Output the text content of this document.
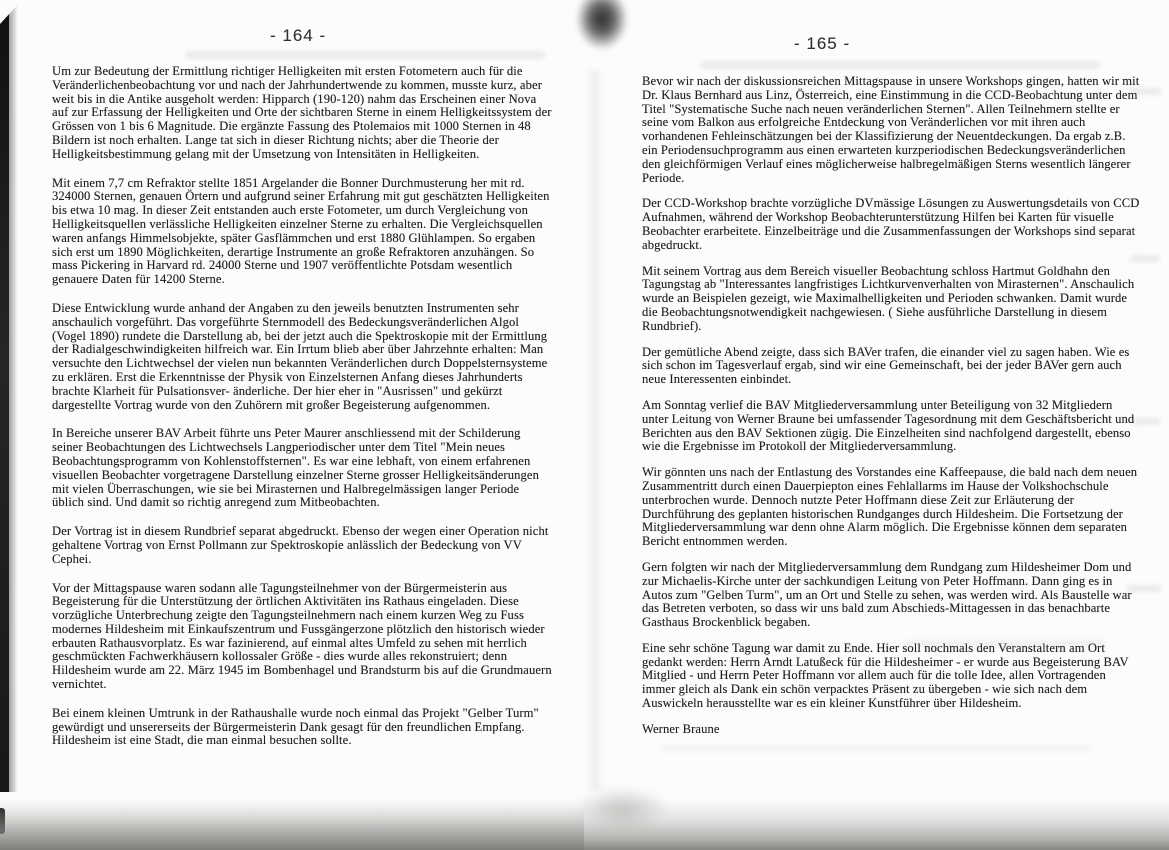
- 164 -

Um zur Bedeutung der Ermittlung richtiger Helligkeiten mit ersten Fotometern auch für die Veränderlichenbeobachtung vor und nach der Jahrhundertwende zu kommen, musste kurz, aber weit bis in die Antike ausgeholt werden: Hipparch (190-120) nahm das Erscheinen einer Nova auf zur Erfassung der Helligkeiten und Orte der sichtbaren Sterne in einem Helligkeitssystem der Grössen von 1 bis 6 Magnitude. Die ergänzte Fassung des Ptolemaios mit 1000 Sternen in 48 Bildern ist noch erhalten. Lange tat sich in dieser Richtung nichts; aber die Theorie der Helligkeitsbestimmung gelang mit der Umsetzung von Intensitäten in Helligkeiten.

Mit einem 7,7 cm Refraktor stellte 1851 Argelander die Bonner Durchmusterung her mit rd. 324000 Sternen, genauen Örtern und aufgrund seiner Erfahrung mit gut geschätzten Helligkeiten bis etwa 10 mag. In dieser Zeit entstanden auch erste Fotometer, um durch Vergleichung von Helligkeitsquellen verlässliche Helligkeiten einzelner Sterne zu erhalten. Die Vergleichsquellen waren anfangs Himmelsobjekte, später Gasflämmchen und erst 1880 Glühlampen. So ergaben sich erst um 1890 Möglichkeiten, derartige Instrumente an große Refraktoren anzuhängen. So mass Pickering in Harvard rd. 24000 Sterne und 1907 veröffentlichte Potsdam wesentlich genauere Daten für 14200 Sterne.

Diese Entwicklung wurde anhand der Angaben zu den jeweils benutzten Instrumenten sehr anschaulich vorgeführt. Das vorgeführte Sternmodell des Bedeckungsveränderlichen Algol (Vogel 1890) rundete die Darstellung ab, bei der jetzt auch die Spektroskopie mit der Ermittlung der Radialgeschwindigkeiten hilfreich war. Ein Irrtum blieb aber über Jahrzehnte erhalten: Man versuchte den Lichtwechsel der vielen nun bekannten Veränderlichen durch Doppelsternsysteme zu erklären. Erst die Erkenntnisse der Physik von Einzelsternen Anfang dieses Jahrhunderts brachte Klarheit für Pulsationsver- änderliche. Der hier eher in "Ausrissen" und gekürzt dargestellte Vortrag wurde von den Zuhörern mit großer Begeisterung aufgenommen.

In Bereiche unserer BAV Arbeit führte uns Peter Maurer anschliessend mit der Schilderung seiner Beobachtungen des Lichtwechsels Langperiodischer unter dem Titel "Mein neues Beobachtungsprogramm von Kohlenstoffsternen". Es war eine lebhaft, von einem erfahrenen visuellen Beobachter vorgetragene Darstellung einzelner Sterne grosser Helligkeitsänderungen mit vielen Überraschungen, wie sie bei Mirasternen und Halbregelmässigen langer Periode üblich sind. Und damit so richtig anregend zum Mitbeobachten.

Der Vortrag ist in diesem Rundbrief separat abgedruckt. Ebenso der wegen einer Operation nicht gehaltene Vortrag von Ernst Pollmann zur Spektroskopie anlässlich der Bedeckung von VV Cephei.

Vor der Mittagspause waren sodann alle Tagungsteilnehmer von der Bürgermeisterin aus Begeisterung für die Unterstützung der örtlichen Aktivitäten ins Rathaus eingeladen. Diese vorzügliche Unterbrechung zeigte den Tagungsteilnehmern nach einem kurzen Weg zu Fuss modernes Hildesheim mit Einkaufszentrum und Fussgängerzone plötzlich den historisch wieder erbauten Rathausvorplatz. Es war fazinierend, auf einmal altes Umfeld zu sehen mit herrlich geschmückten Fachwerkhäusern kollossaler Größe - dies wurde alles rekonstruiert; denn Hildesheim wurde am 22. März 1945 im Bombenhagel und Brandsturm bis auf die Grundmauern vernichtet.

Bei einem kleinen Umtrunk in der Rathaushalle wurde noch einmal das Projekt "Gelber Turm" gewürdigt und unsererseits der Bürgermeisterin Dank gesagt für den freundlichen Empfang. Hildesheim ist eine Stadt, die man einmal besuchen sollte.

- 165 -

Bevor wir nach der diskussionsreichen Mittagspause in unsere Workshops gingen, hatten wir mit Dr. Klaus Bernhard aus Linz, Österreich, eine Einstimmung in die CCD-Beobachtung unter dem Titel "Systematische Suche nach neuen veränderlichen Sternen". Allen Teilnehmern stellte er seine vom Balkon aus erfolgreiche Entdeckung von Veränderlichen vor mit ihren auch vorhandenen Fehleinschätzungen bei der Klassifizierung der Neuentdeckungen. Da ergab z.B. ein Periodensuchprogramm aus einen erwarteten kurzperiodischen Bedeckungsveränderlichen den gleichförmigen Verlauf eines möglicherweise halbregelmäßigen Sterns wesentlich längerer Periode.

Der CCD-Workshop brachte vorzügliche DVmässige Lösungen zu Auswertungsdetails von CCD Aufnahmen, während der Workshop Beobachterunterstützung Hilfen bei Karten für visuelle Beobachter erarbeitete. Einzelbeiträge und die Zusammenfassungen der Workshops sind separat abgedruckt.

Mit seinem Vortrag aus dem Bereich visueller Beobachtung schloss Hartmut Goldhahn den Tagungstag ab "Interessantes langfristiges Lichtkurvenverhalten von Mirasternen". Anschaulich wurde an Beispielen gezeigt, wie Maximalhelligkeiten und Perioden schwanken. Damit wurde die Beobachtungsnotwendigkeit nachgewiesen. ( Siehe ausführliche Darstellung in diesem Rundbrief).

Der gemütliche Abend zeigte, dass sich BAVer trafen, die einander viel zu sagen haben. Wie es sich schon im Tagesverlauf ergab, sind wir eine Gemeinschaft, bei der jeder BAVer gern auch neue Interessenten einbindet.

Am Sonntag verlief die BAV Mitgliederversammlung unter Beteiligung von 32 Mitgliedern unter Leitung von Werner Braune bei umfassender Tagesordnung mit dem Geschäftsbericht und Berichten aus den BAV Sektionen zügig. Die Einzelheiten sind nachfolgend dargestellt, ebenso wie die Ergebnisse im Protokoll der Mitgliederversammlung.

Wir gönnten uns nach der Entlastung des Vorstandes eine Kaffeepause, die bald nach dem neuen Zusammentritt durch einen Dauerpiepton eines Fehlallarms im Hause der Volkshochschule unterbrochen wurde. Dennoch nutzte Peter Hoffmann diese Zeit zur Erläuterung der Durchführung des geplanten historischen Rundganges durch Hildesheim. Die Fortsetzung der Mitgliederversammlung war denn ohne Alarm möglich. Die Ergebnisse können dem separaten Bericht entnommen werden.

Gern folgten wir nach der Mitgliederversammlung dem Rundgang zum Hildesheimer Dom und zur Michaelis-Kirche unter der sachkundigen Leitung von Peter Hoffmann. Dann ging es in Autos zum "Gelben Turm", um an Ort und Stelle zu sehen, was werden wird. Als Baustelle war das Betreten verboten, so dass wir uns bald zum Abschieds-Mittagessen in das benachbarte Gasthaus Brockenblick begaben.

Eine sehr schöne Tagung war damit zu Ende. Hier soll nochmals den Veranstaltern am Ort gedankt werden: Herrn Arndt Latußeck für die Hildesheimer - er wurde aus Begeisterung BAV Mitglied - und Herrn Peter Hoffmann vor allem auch für die tolle Idee, allen Vortragenden immer gleich als Dank ein schön verpacktes Präsent zu übergeben - wie sich nach dem Auswickeln herausstellte war es ein kleiner Kunstführer über Hildesheim.

Werner Braune
